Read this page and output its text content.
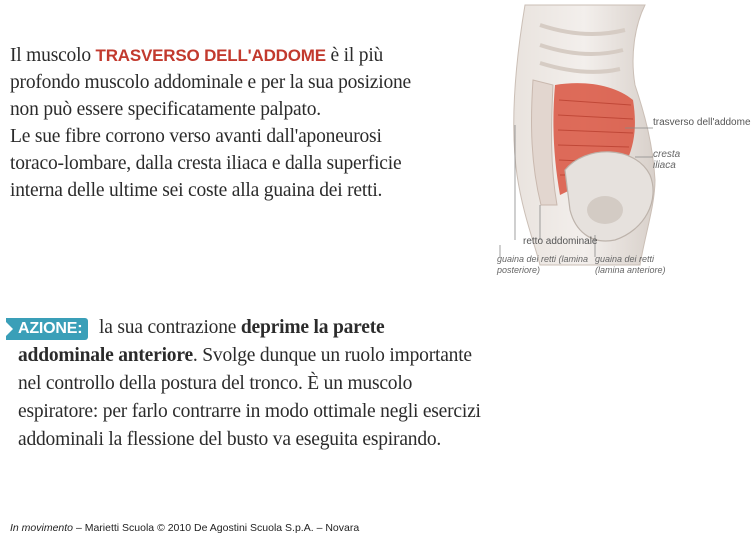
Il muscolo TRASVERSO DELL'ADDOME è il più profondo muscolo addominale e per la sua posizione non può essere specificatamente palpato.

Le sue fibre corrono verso avanti dall'aponeurosi toraco-lombare, dalla cresta iliaca e dalla superficie interna delle ultime sei coste alla guaina dei retti.

trasverso dell'addome
cresta iliaca
retto addominale
guaina dei retti (lamina posteriore)
guaina dei retti (lamina anteriore)

AZIONE: la sua contrazione deprime la parete addominale anteriore. Svolge dunque un ruolo importante nel controllo della postura del tronco. È un muscolo espiratore: per farlo contrarre in modo ottimale negli esercizi addominali la flessione del busto va eseguita espirando.

In movimento – Marietti Scuola © 2010 De Agostini Scuola S.p.A. – Novara
